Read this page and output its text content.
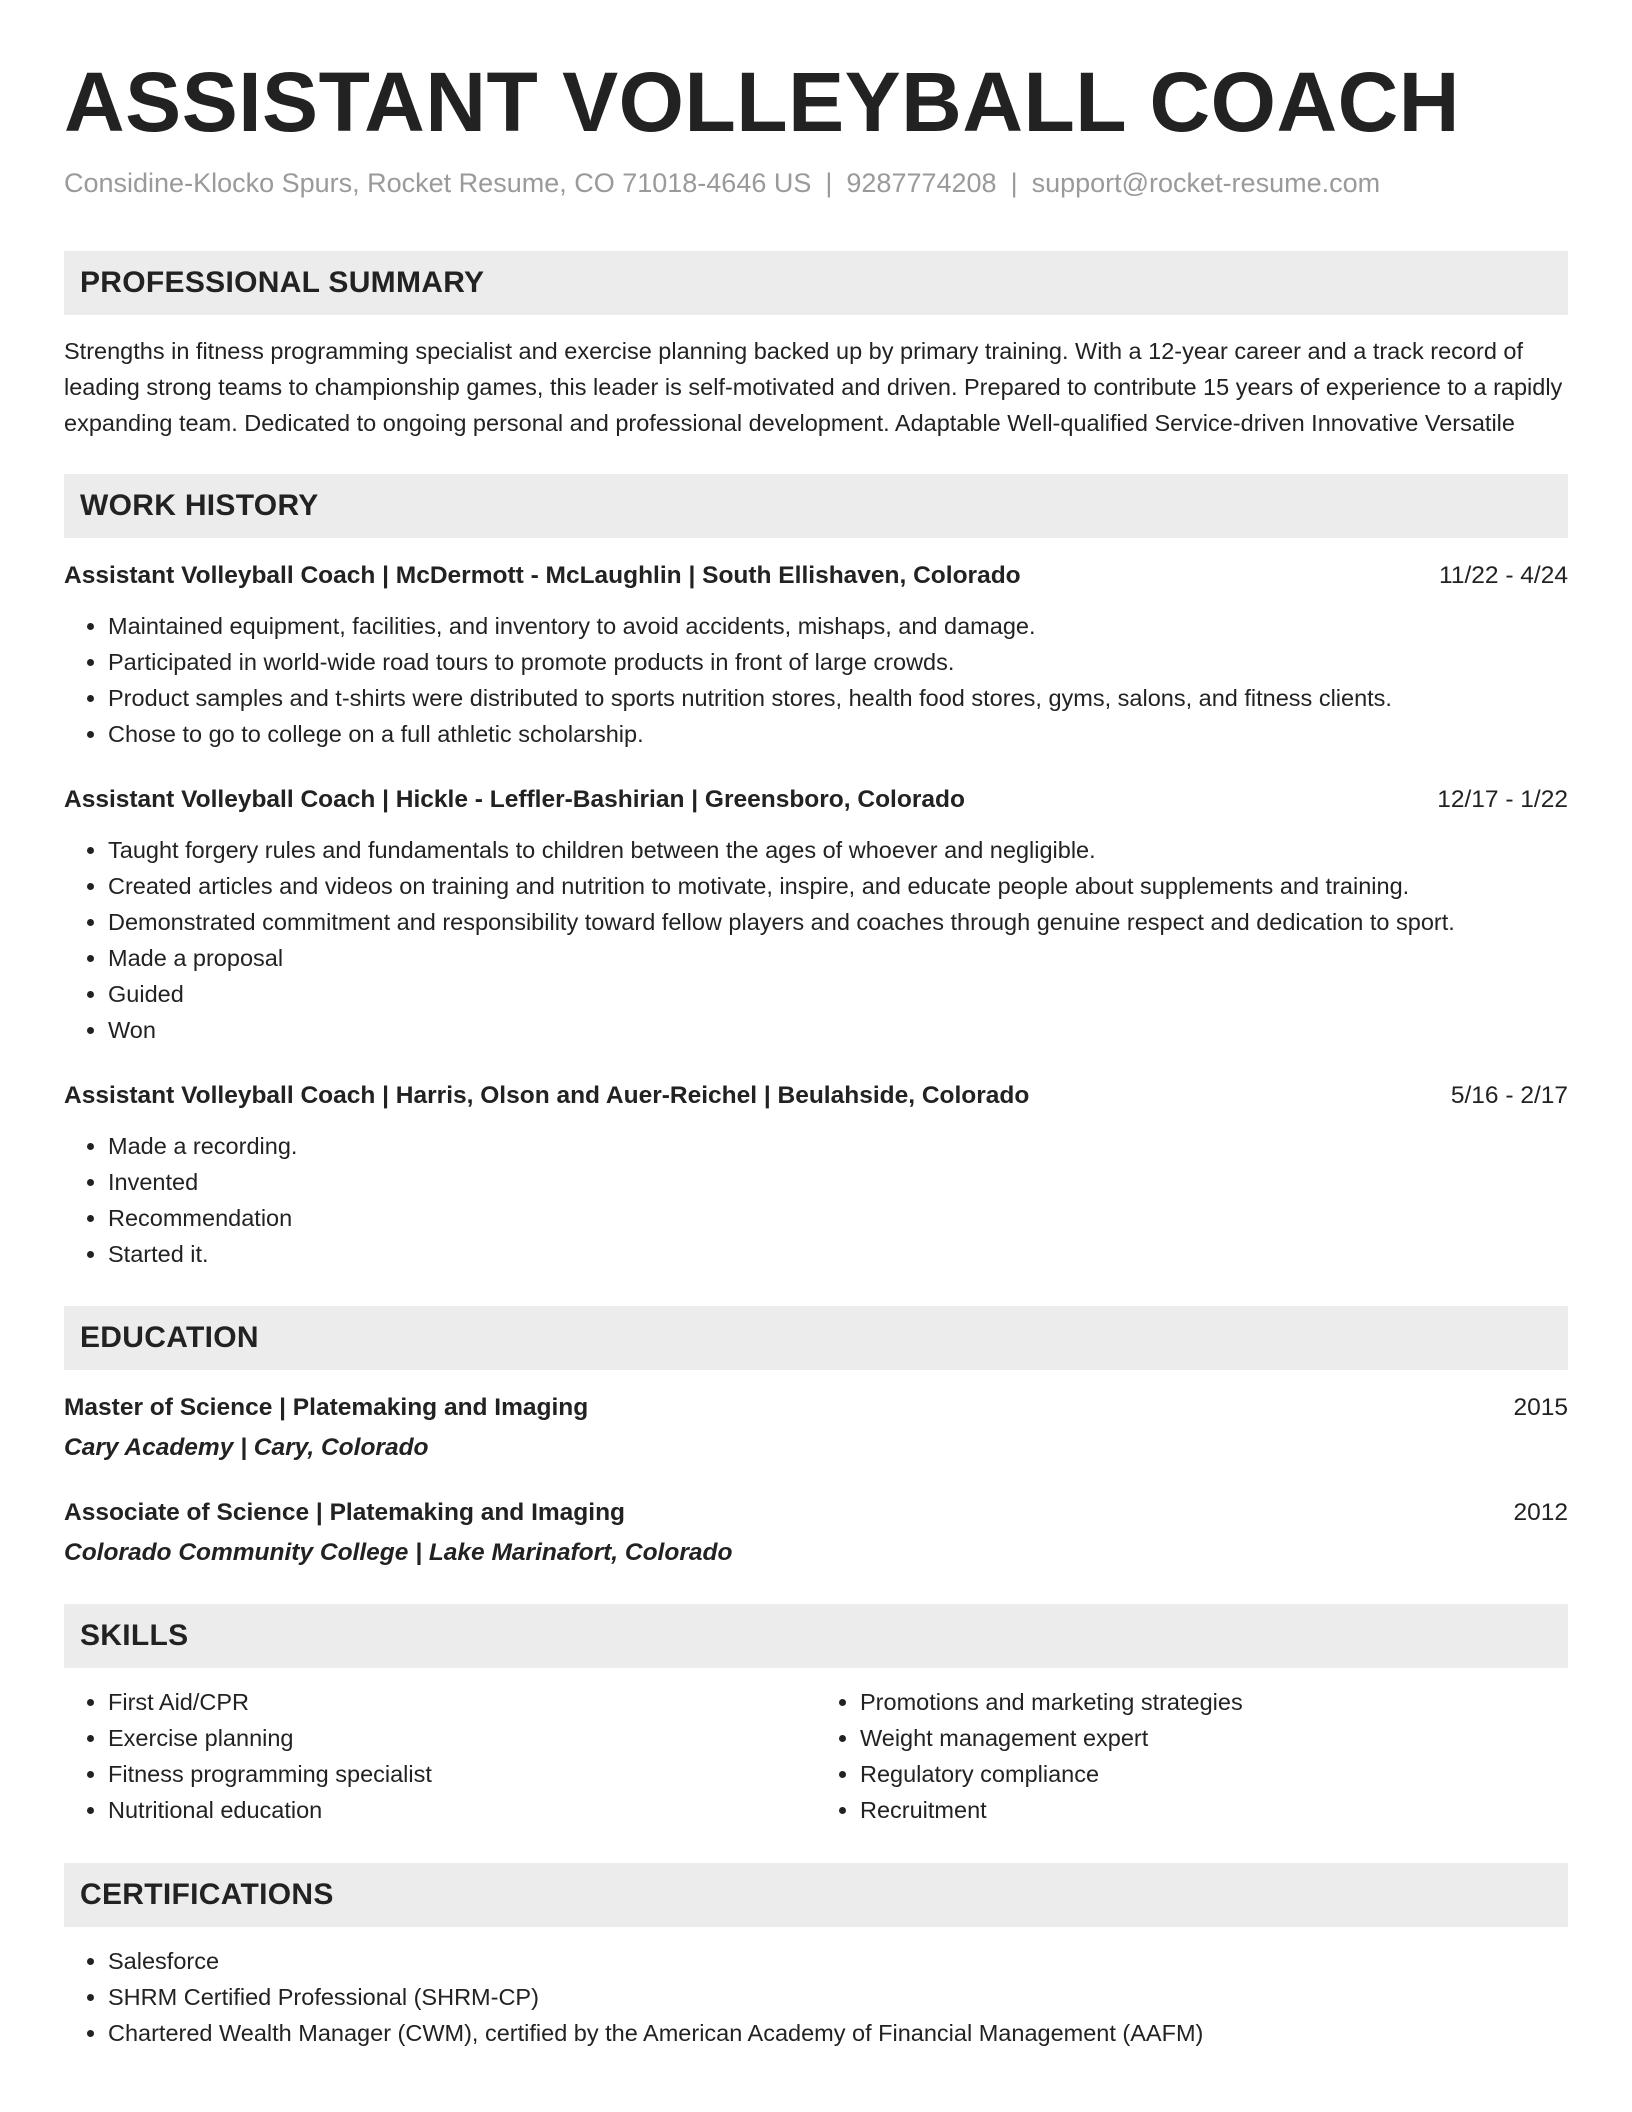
ASSISTANT VOLLEYBALL COACH
Considine-Klocko Spurs, Rocket Resume, CO 71018-4646 US | 9287774208 | support@rocket-resume.com
PROFESSIONAL SUMMARY
Strengths in fitness programming specialist and exercise planning backed up by primary training. With a 12-year career and a track record of leading strong teams to championship games, this leader is self-motivated and driven. Prepared to contribute 15 years of experience to a rapidly expanding team. Dedicated to ongoing personal and professional development. Adaptable Well-qualified Service-driven Innovative Versatile
WORK HISTORY
Assistant Volleyball Coach | McDermott - McLaughlin | South Ellishaven, Colorado	11/22 - 4/24
• Maintained equipment, facilities, and inventory to avoid accidents, mishaps, and damage.
• Participated in world-wide road tours to promote products in front of large crowds.
• Product samples and t-shirts were distributed to sports nutrition stores, health food stores, gyms, salons, and fitness clients.
• Chose to go to college on a full athletic scholarship.
Assistant Volleyball Coach | Hickle - Leffler-Bashirian | Greensboro, Colorado	12/17 - 1/22
• Taught forgery rules and fundamentals to children between the ages of whoever and negligible.
• Created articles and videos on training and nutrition to motivate, inspire, and educate people about supplements and training.
• Demonstrated commitment and responsibility toward fellow players and coaches through genuine respect and dedication to sport.
• Made a proposal
• Guided
• Won
Assistant Volleyball Coach | Harris, Olson and Auer-Reichel | Beulahside, Colorado	5/16 - 2/17
• Made a recording.
• Invented
• Recommendation
• Started it.
EDUCATION
Master of Science | Platemaking and Imaging	2015
Cary Academy | Cary, Colorado
Associate of Science | Platemaking and Imaging	2012
Colorado Community College | Lake Marinafort, Colorado
SKILLS
• First Aid/CPR
• Exercise planning
• Fitness programming specialist
• Nutritional education
• Promotions and marketing strategies
• Weight management expert
• Regulatory compliance
• Recruitment
CERTIFICATIONS
• Salesforce
• SHRM Certified Professional (SHRM-CP)
• Chartered Wealth Manager (CWM), certified by the American Academy of Financial Management (AAFM)
